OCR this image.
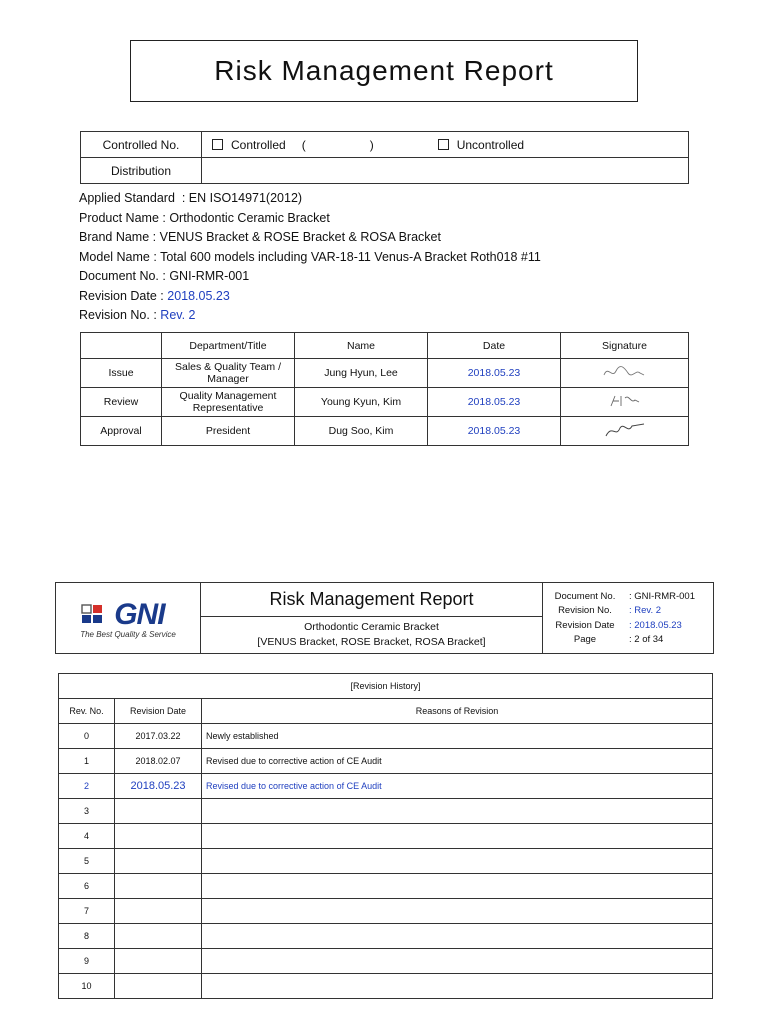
Risk Management Report
Controlled No.	Controlled ( ) Uncontrolled

Distribution	
Applied Standard : EN ISO14971(2012)
Product Name : Orthodontic Ceramic Bracket
Brand Name : VENUS Bracket & ROSE Bracket & ROSA Bracket
Model Name : Total 600 models including VAR-18-11 Venus-A Bracket Roth018 #11
Document No. : GNI-RMR-001
Revision Date : 2018.05.23
Revision No. : Rev. 2
	Department/Title	Name	Date	Signature
Issue	Sales & Quality Team / Manager	Jung Hyun, Lee	2018.05.23	
Review	Quality Management Representative	Young Kyun, Kim	2018.05.23	
Approval	President	Dug Soo, Kim	2018.05.23	
GNI
The Best Quality & Service

Risk Management Report
Orthodontic Ceramic Bracket
[VENUS Bracket, ROSE Bracket, ROSA Bracket]

Document No.	: GNI-RMR-001
Revision No.	: Rev. 2
Revision Date	: 2018.05.23
Page	: 2 of 34
[Revision History]		
Rev. No.	Revision Date	Reasons of Revision
0	2017.03.22	Newly established
1	2018.02.07	Revised due to corrective action of CE Audit
2	2018.05.23	Revised due to corrective action of CE Audit
3		
4		
5		
6		
7		
8		
9		
10		
